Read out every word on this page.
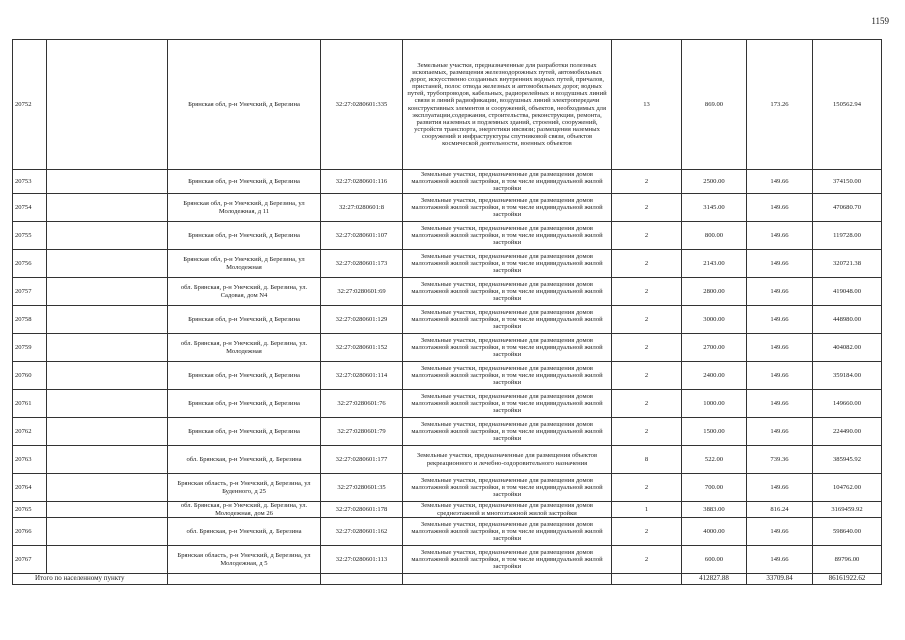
1159
20752		Брянская обл, р-н Унечский, д Березина	32:27:0280601:335	Земельные участки, предназначенные для разработки полезных ископаемых, размещения железнодорожных путей, автомобильных дорог, искусственно созданных внутренних водных путей, причалов, пристаней, полос отвода железных и автомобильных дорог, водных путей, трубопроводов, кабельных, радиорелейных и воздушных линий связи и линий радиофикации, воздушных линий электропередачи конструктивных элементов и сооружений, объектов, необходимых для эксплуатации,содержания, строительства, реконструкции, ремонта, развития наземных и подземных зданий, строений, сооружений, устройств транспорта, энергетики ивсвязи; размещения наземных сооружений и инфраструктуры спутниковой связи, объектов космической деятельности, военных объектов	13	869.00	173.26	150562.94
20753		Брянская обл, р-н Унечский, д Березина	32:27:0280601:116	Земельные участки, предназначенные для размещения домов малоэтажной жилой застройки, в том числе индивидуальной жилой застройки	2	2500.00	149.66	374150.00
20754		Брянская обл, р-н Унечский, д Березина, ул Молодежная, д 11	32:27:0280601:8	Земельные участки, предназначенные для размещения домов малоэтажной жилой застройки, в том числе индивидуальной жилой застройки	2	3145.00	149.66	470680.70
20755		Брянская обл, р-н Унечский, д Березина	32:27:0280601:107	Земельные участки, предназначенные для размещения домов малоэтажной жилой застройки, в том числе индивидуальной жилой застройки	2	800.00	149.66	119728.00
20756		Брянская обл, р-н Унечский, д Березина, ул Молодежная	32:27:0280601:173	Земельные участки, предназначенные для размещения домов малоэтажной жилой застройки, в том числе индивидуальной жилой застройки	2	2143.00	149.66	320721.38
20757		обл. Брянская, р-н Унечский, д. Березина, ул. Садовая, дом N4	32:27:0280601:69	Земельные участки, предназначенные для размещения домов малоэтажной жилой застройки, в том числе индивидуальной жилой застройки	2	2800.00	149.66	419048.00
20758		Брянская обл, р-н Унечский, д Березина	32:27:0280601:129	Земельные участки, предназначенные для размещения домов малоэтажной жилой застройки, в том числе индивидуальной жилой застройки	2	3000.00	149.66	448980.00
20759		обл. Брянская, р-н Унечский, д. Березина, ул. Молодежная	32:27:0280601:152	Земельные участки, предназначенные для размещения домов малоэтажной жилой застройки, в том числе индивидуальной жилой застройки	2	2700.00	149.66	404082.00
20760		Брянская обл, р-н Унечский, д Березина	32:27:0280601:114	Земельные участки, предназначенные для размещения домов малоэтажной жилой застройки, в том числе индивидуальной жилой застройки	2	2400.00	149.66	359184.00
20761		Брянская обл, р-н Унечский, д Березина	32:27:0280601:76	Земельные участки, предназначенные для размещения домов малоэтажной жилой застройки, в том числе индивидуальной жилой застройки	2	1000.00	149.66	149660.00
20762		Брянская обл, р-н Унечский, д Березина	32:27:0280601:79	Земельные участки, предназначенные для размещения домов малоэтажной жилой застройки, в том числе индивидуальной жилой застройки	2	1500.00	149.66	224490.00
20763		обл. Брянская, р-н Унечский, д. Березина	32:27:0280601:177	Земельные участки, предназначенные для размещения объектов рекреационного и лечебно-оздоровительного назначения	8	522.00	739.36	385945.92
20764		Брянская область, р-н Унечский, д Березина, ул Буденного, д 25	32:27:0280601:35	Земельные участки, предназначенные для размещения домов малоэтажной жилой застройки, в том числе индивидуальной жилой застройки	2	700.00	149.66	104762.00
20765		обл. Брянская, р-н Унечский, д. Березина, ул. Молодежная, дом 26	32:27:0280601:178	Земельные участки, предназначенные для размещения домов среднеэтажной и многоэтажной жилой застройки	1	3883.00	816.24	3169459.92
20766		обл. Брянская, р-н Унечский, д. Березина	32:27:0280601:162	Земельные участки, предназначенные для размещения домов малоэтажной жилой застройки, в том числе индивидуальной жилой застройки	2	4000.00	149.66	598640.00
20767		Брянская область, р-н Унечский, д Березина, ул Молодежная, д 5	32:27:0280601:113	Земельные участки, предназначенные для размещения домов малоэтажной жилой застройки, в том числе индивидуальной жилой застройки	2	600.00	149.66	89796.00
Итого по населенному пункту						412827.88	33709.84	86161922.62
